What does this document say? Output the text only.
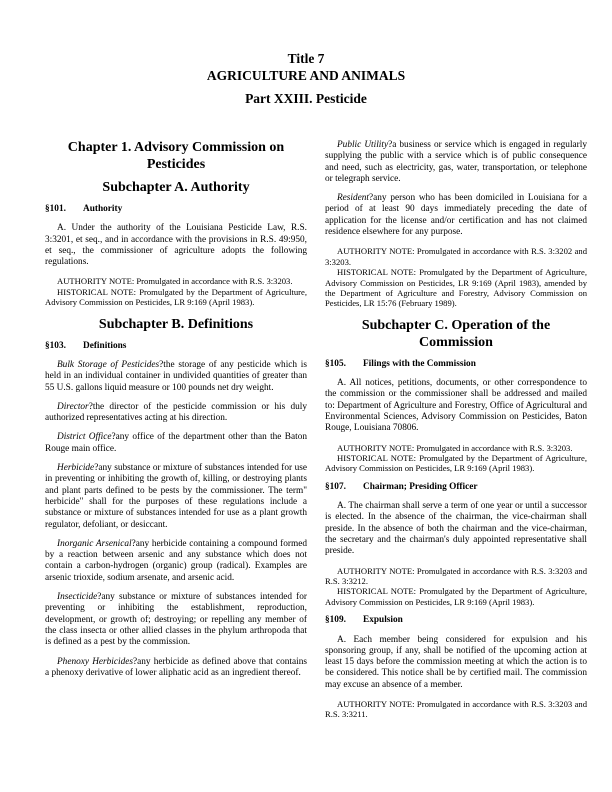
Title 7
AGRICULTURE AND ANIMALS
Part XXIII. Pesticide
Chapter 1. Advisory Commission on Pesticides
Subchapter A. Authority
§101. Authority

A. Under the authority of the Louisiana Pesticide Law, R.S. 3:3201, et seq., and in accordance with the provisions in R.S. 49:950, et seq., the commissioner of agriculture adopts the following regulations.

AUTHORITY NOTE: Promulgated in accordance with R.S. 3:3203.

HISTORICAL NOTE: Promulgated by the Department of Agriculture, Advisory Commission on Pesticides, LR 9:169 (April 1983).

Subchapter B. Definitions
§103. Definitions

Bulk Storage of Pesticides?the storage of any pesticide which is held in an individual container in undivided quantities of greater than 55 U.S. gallons liquid measure or 100 pounds net dry weight.

Director?the director of the pesticide commission or his duly authorized representatives acting at his direction.

District Office?any office of the department other than the Baton Rouge main office.

Herbicide?any substance or mixture of substances intended for use in preventing or inhibiting the growth of, killing, or destroying plants and plant parts defined to be pests by the commissioner. The term" herbicide" shall for the purposes of these regulations include a substance or mixture of substances intended for use as a plant growth regulator, defoliant, or desiccant.

Inorganic Arsenical?any herbicide containing a compound formed by a reaction between arsenic and any substance which does not contain a carbon-hydrogen (organic) group (radical). Examples are arsenic trioxide, sodium arsenate, and arsenic acid.

Insecticide?any substance or mixture of substances intended for preventing or inhibiting the establishment, reproduction, development, or growth of; destroying; or repelling any member of the class insecta or other allied classes in the phylum arthropoda that is defined as a pest by the commission.

Phenoxy Herbicides?any herbicide as defined above that contains a phenoxy derivative of lower aliphatic acid as an ingredient thereof.

Public Utility?a business or service which is engaged in regularly supplying the public with a service which is of public consequence and need, such as electricity, gas, water, transportation, or telephone or telegraph service.

Resident?any person who has been domiciled in Louisiana for a period of at least 90 days immediately preceding the date of application for the license and/or certification and has not claimed residence elsewhere for any purpose.

AUTHORITY NOTE: Promulgated in accordance with R.S. 3:3202 and 3:3203.

HISTORICAL NOTE: Promulgated by the Department of Agriculture, Advisory Commission on Pesticides, LR 9:169 (April 1983), amended by the Department of Agriculture and Forestry, Advisory Commission on Pesticides, LR 15:76 (February 1989).

Subchapter C. Operation of the Commission
§105. Filings with the Commission

A. All notices, petitions, documents, or other correspondence to the commission or the commissioner shall be addressed and mailed to: Department of Agriculture and Forestry, Office of Agricultural and Environmental Sciences, Advisory Commission on Pesticides, Baton Rouge, Louisiana 70806.

AUTHORITY NOTE: Promulgated in accordance with R.S. 3:3203.

HISTORICAL NOTE: Promulgated by the Department of Agriculture, Advisory Commission on Pesticides, LR 9:169 (April 1983).

§107. Chairman; Presiding Officer

A. The chairman shall serve a term of one year or until a successor is elected. In the absence of the chairman, the vice-chairman shall preside. In the absence of both the chairman and the vice-chairman, the secretary and the chairman's duly appointed representative shall preside.

AUTHORITY NOTE: Promulgated in accordance with R.S. 3:3203 and R.S. 3:3212.

HISTORICAL NOTE: Promulgated by the Department of Agriculture, Advisory Commission on Pesticides, LR 9:169 (April 1983).

§109. Expulsion

A. Each member being considered for expulsion and his sponsoring group, if any, shall be notified of the upcoming action at least 15 days before the commission meeting at which the action is to be considered. This notice shall be by certified mail. The commission may excuse an absence of a member.

AUTHORITY NOTE: Promulgated in accordance with R.S. 3:3203 and R.S. 3:3211.
